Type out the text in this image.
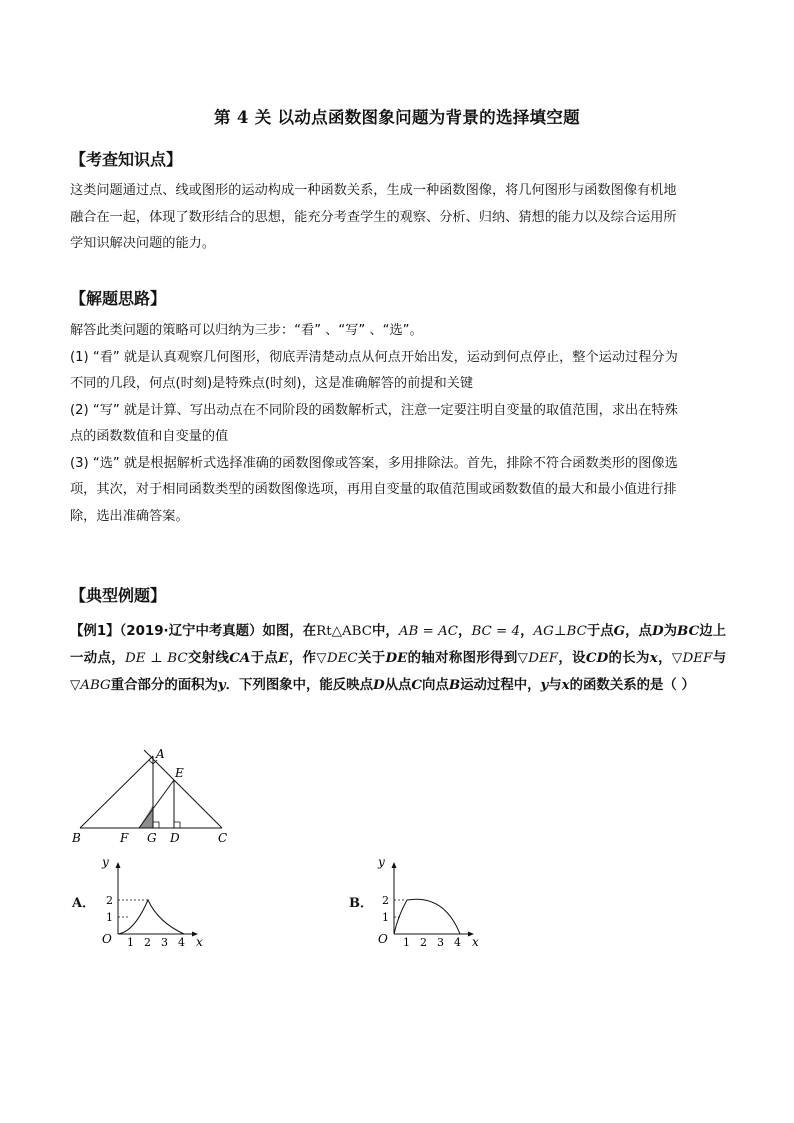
第 4 关 以动点函数图象问题为背景的选择填空题
【考查知识点】
这类问题通过点、线或图形的运动构成一种函数关系，生成一种函数图像，将几何图形与函数图像有机地
融合在一起，体现了数形结合的思想，能充分考查学生的观察、分析、归纳、猜想的能力以及综合运用所
学知识解决问题的能力。
【解题思路】
解答此类问题的策略可以归纳为三步：“看” 、“写” 、“选”。
(1) “看” 就是认真观察几何图形，彻底弄清楚动点从何点开始出发，运动到何点停止，整个运动过程分为
不同的几段，何点(时刻)是特殊点(时刻)，这是准确解答的前提和关键
(2) “写” 就是计算、写出动点在不同阶段的函数解析式，注意一定要注明自变量的取值范围，求出在特殊
点的函数数值和自变量的值
(3) “选” 就是根据解析式选择准确的函数图像或答案，多用排除法。首先，排除不符合函数类形的图像选
项，其次，对于相同函数类型的函数图像选项，再用自变量的取值范围或函数数值的最大和最小值进行排
除，选出准确答案。
【典型例题】
【例1】（2019·辽宁中考真题）如图，在Rt△ABC中，AB = AC，BC = 4，AG⊥BC于点G，点D为BC边上一动点，DE ⊥ BC交射线CA于点E，作▽DEC关于DE的轴对称图形得到▽DEF，设CD的长为x，▽DEF与▽ABG重合部分的面积为y．下列图象中，能反映点D从点C向点B运动过程中，y与x的函数关系的是（ ）
A
E
B	F G D	C
A．
y
x
O
2
1
1 2 3 4
B．
y
x
O
2
1
1 2 3 4
